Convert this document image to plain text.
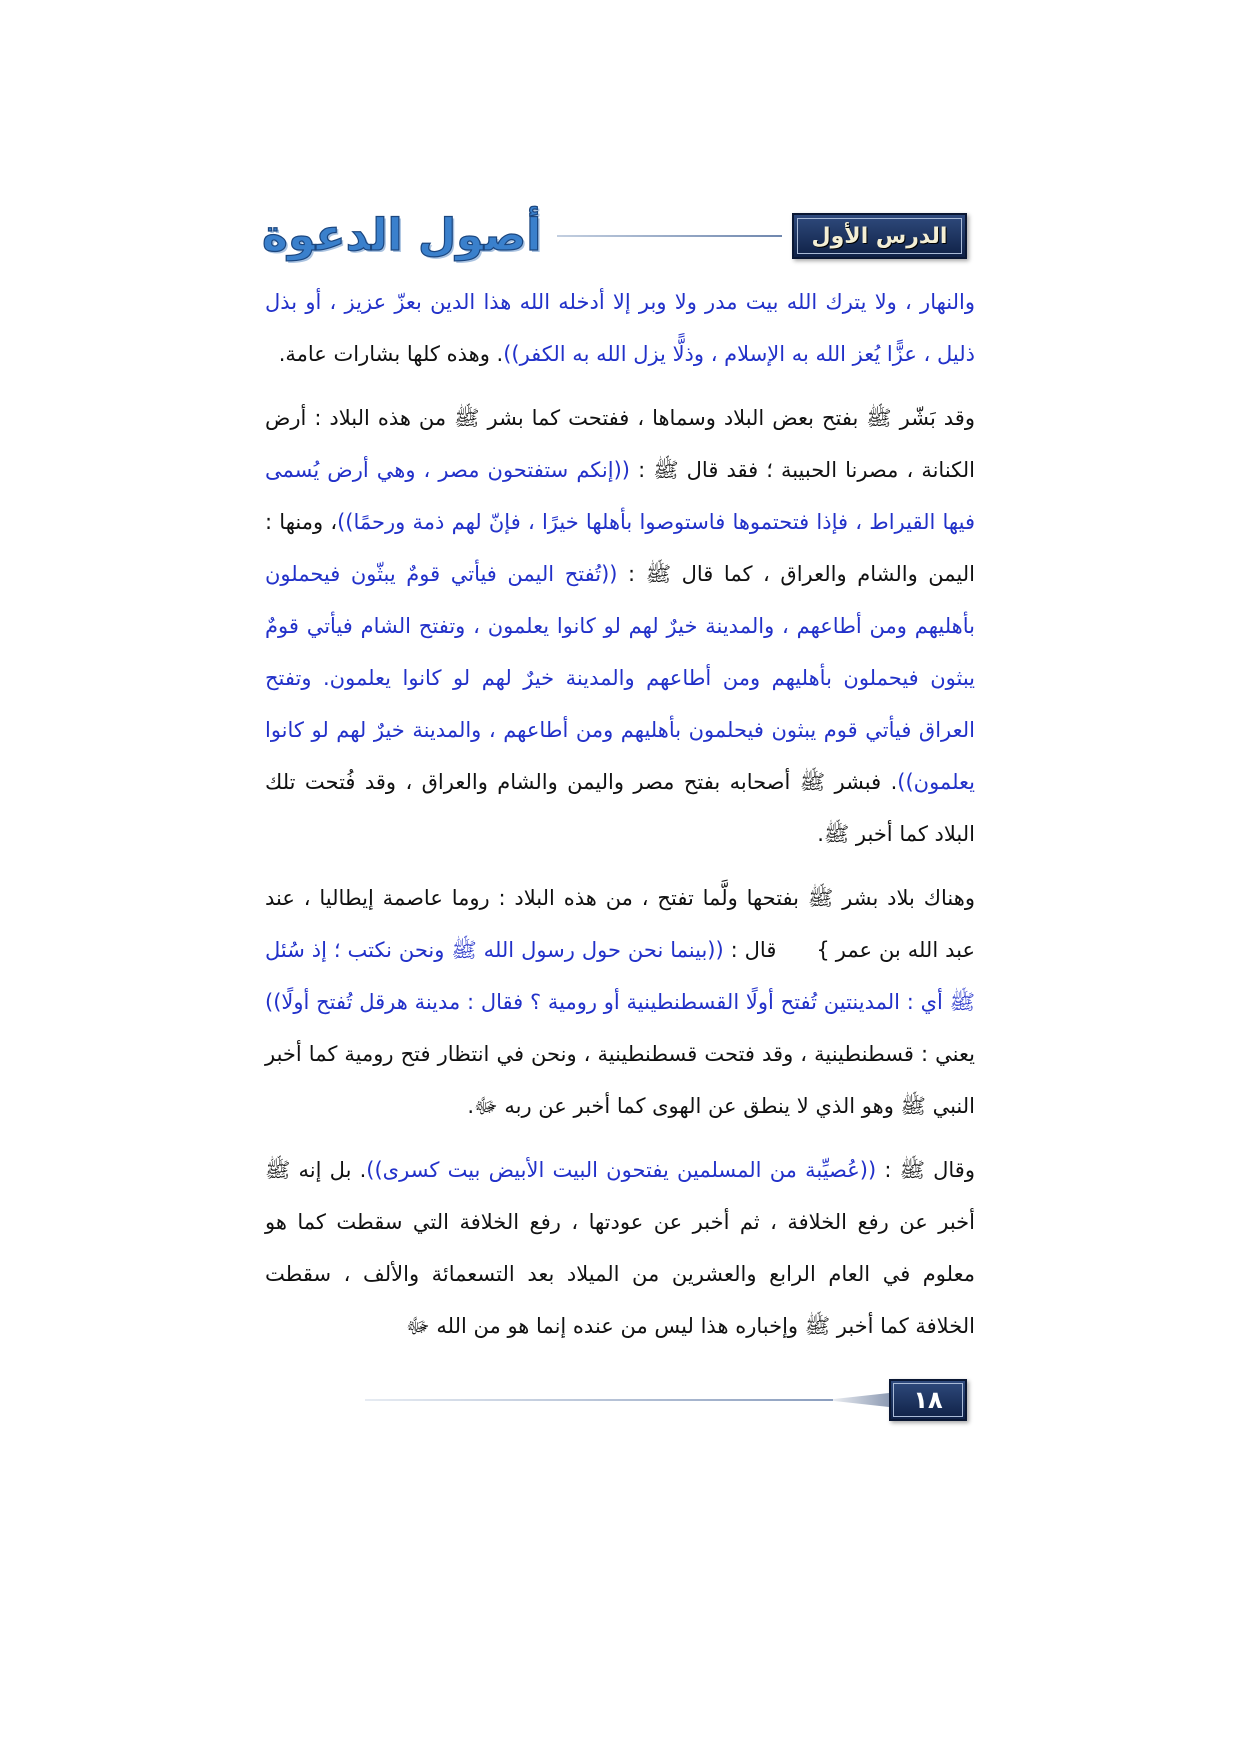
أصول الدعوة	الدرس الأول

والنهار ، ولا يترك الله بيت مدر ولا وبر إلا أدخله الله هذا الدين بعزّ عزيز ، أو بذل ذليل ، عزًّا يُعز الله به الإسلام ، وذلًّا يزل الله به الكفر)). وهذه كلها بشارات عامة.

وقد بَشّر ﷺ بفتح بعض البلاد وسماها ، ففتحت كما بشر ﷺ من هذه البلاد : أرض الكنانة ، مصرنا الحبيبة ؛ فقد قال ﷺ : ((إنكم ستفتحون مصر ، وهي أرض يُسمى فيها القيراط ، فإذا فتحتموها فاستوصوا بأهلها خيرًا ، فإنّ لهم ذمة ورحمًا))، ومنها : اليمن والشام والعراق ، كما قال ﷺ : ((تُفتح اليمن فيأتي قومٌ يبثّون فيحملون بأهليهم ومن أطاعهم ، والمدينة خيرٌ لهم لو كانوا يعلمون ، وتفتح الشام فيأتي قومٌ يبثون فيحملون بأهليهم ومن أطاعهم والمدينة خيرٌ لهم لو كانوا يعلمون. وتفتح العراق فيأتي قوم يبثون فيحلمون بأهليهم ومن أطاعهم ، والمدينة خيرٌ لهم لو كانوا يعلمون)). فبشر ﷺ أصحابه بفتح مصر واليمن والشام والعراق ، وقد فُتحت تلك البلاد كما أخبر ﷺ.

وهناك بلاد بشر ﷺ بفتحها ولَّما تفتح ، من هذه البلاد : روما عاصمة إيطاليا ، عند عبد الله بن عمر{قال : ((بينما نحن حول رسول الله ﷺ ونحن نكتب ؛ إذ سُئل ﷺ أي : المدينتين تُفتح أولًا القسطنطينية أو رومية ؟ فقال : مدينة هرقل تُفتح أولًا)) يعني : قسطنطينية ، وقد فتحت قسطنطينية ، ونحن في انتظار فتح رومية كما أخبر النبي ﷺ وهو الذي لا ينطق عن الهوى كما أخبر عن ربه ﷻ.

وقال ﷺ : ((عُصيِّبة من المسلمين يفتحون البيت الأبيض بيت كسرى)). بل إنه ﷺ أخبر عن رفع الخلافة ، ثم أخبر عن عودتها ، رفع الخلافة التي سقطت كما هو معلوم في العام الرابع والعشرين من الميلاد بعد التسعمائة والألف ، سقطت الخلافة كما أخبر ﷺ وإخباره هذا ليس من عنده إنما هو من الله ﷻ

١٨
